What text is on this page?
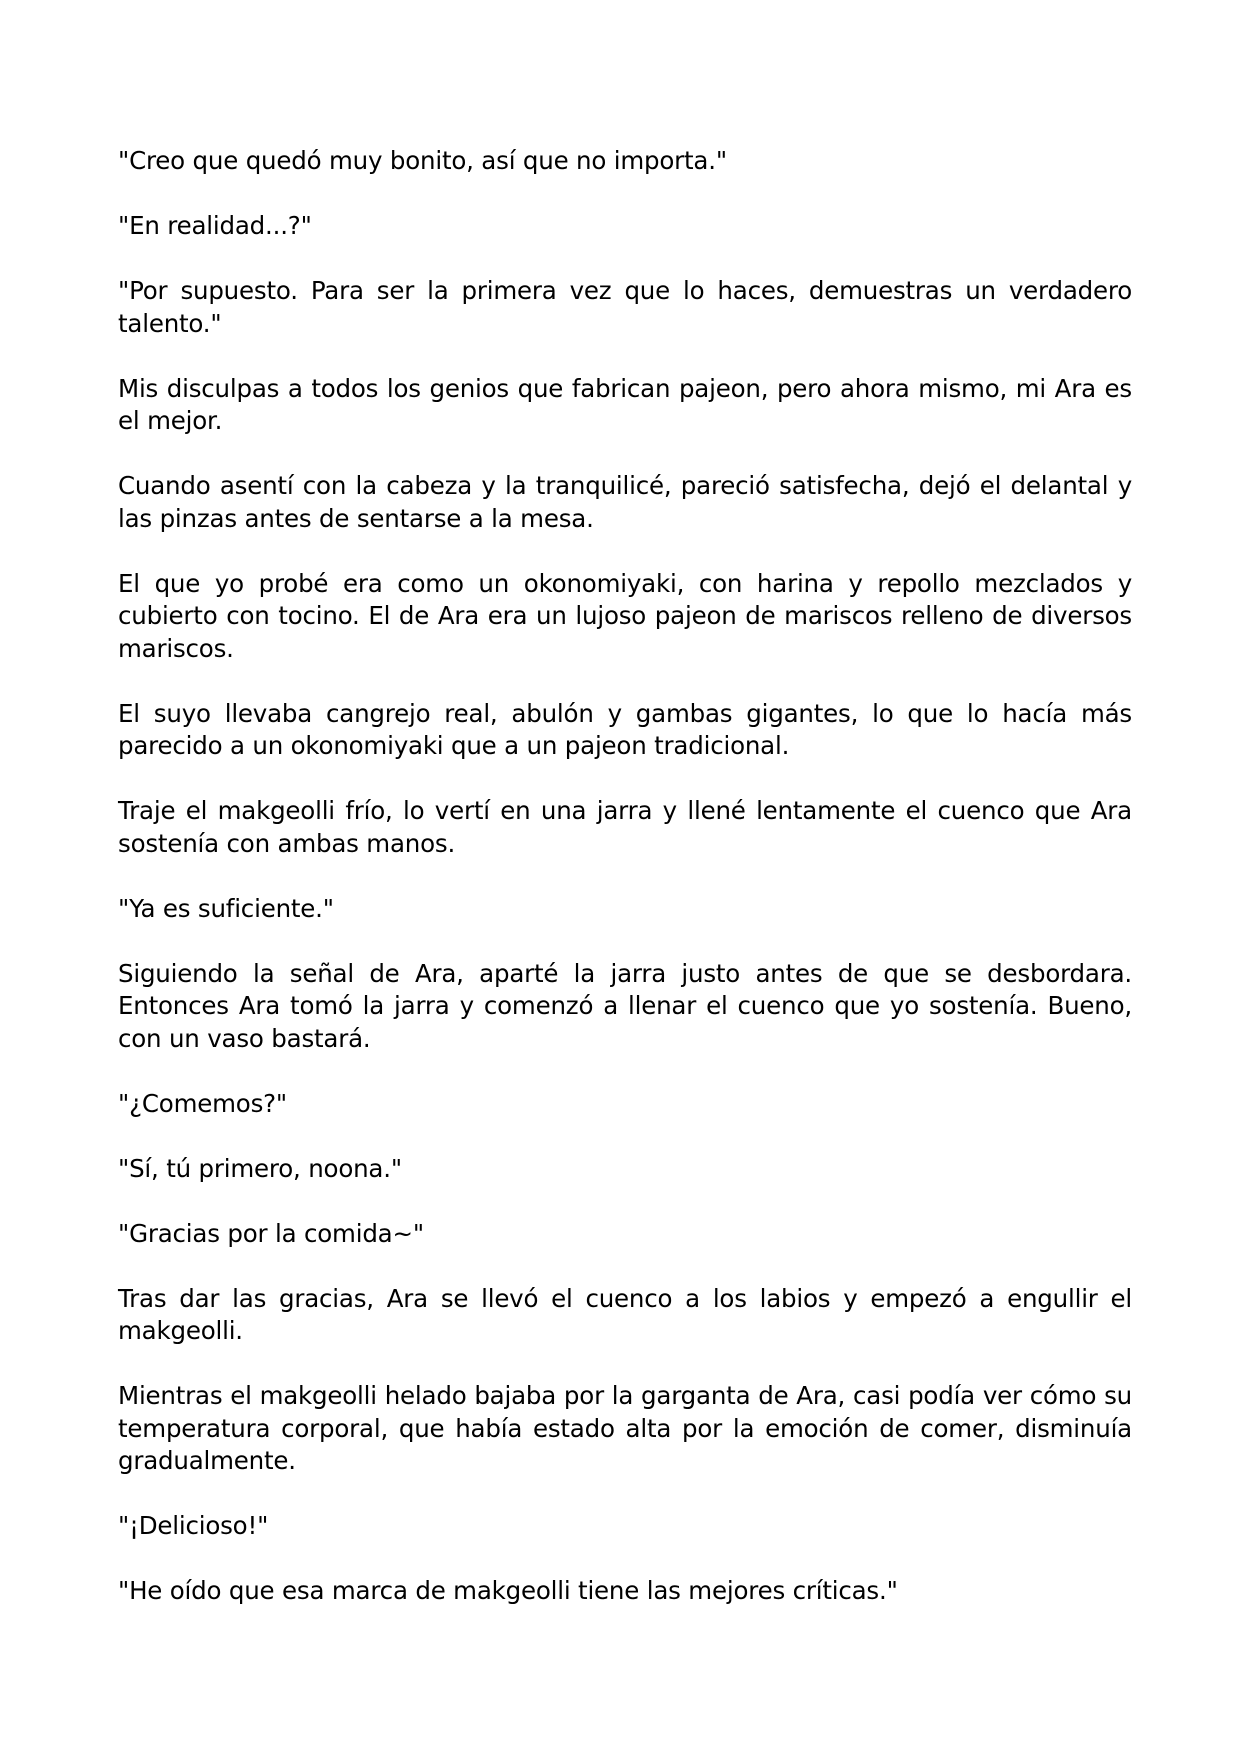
"Creo que quedó muy bonito, así que no importa."

"En realidad...?"

"Por supuesto. Para ser la primera vez que lo haces, demuestras un verdadero talento."

Mis disculpas a todos los genios que fabrican pajeon, pero ahora mismo, mi Ara es el mejor.

Cuando asentí con la cabeza y la tranquilicé, pareció satisfecha, dejó el delantal y las pinzas antes de sentarse a la mesa.

El que yo probé era como un okonomiyaki, con harina y repollo mezclados y cubierto con tocino. El de Ara era un lujoso pajeon de mariscos relleno de diversos mariscos.

El suyo llevaba cangrejo real, abulón y gambas gigantes, lo que lo hacía más parecido a un okonomiyaki que a un pajeon tradicional.

Traje el makgeolli frío, lo vertí en una jarra y llené lentamente el cuenco que Ara sostenía con ambas manos.

"Ya es suficiente."

Siguiendo la señal de Ara, aparté la jarra justo antes de que se desbordara. Entonces Ara tomó la jarra y comenzó a llenar el cuenco que yo sostenía. Bueno, con un vaso bastará.

"¿Comemos?"

"Sí, tú primero, noona."

"Gracias por la comida~"

Tras dar las gracias, Ara se llevó el cuenco a los labios y empezó a engullir el makgeolli.

Mientras el makgeolli helado bajaba por la garganta de Ara, casi podía ver cómo su temperatura corporal, que había estado alta por la emoción de comer, disminuía gradualmente.

"¡Delicioso!"

"He oído que esa marca de makgeolli tiene las mejores críticas."
